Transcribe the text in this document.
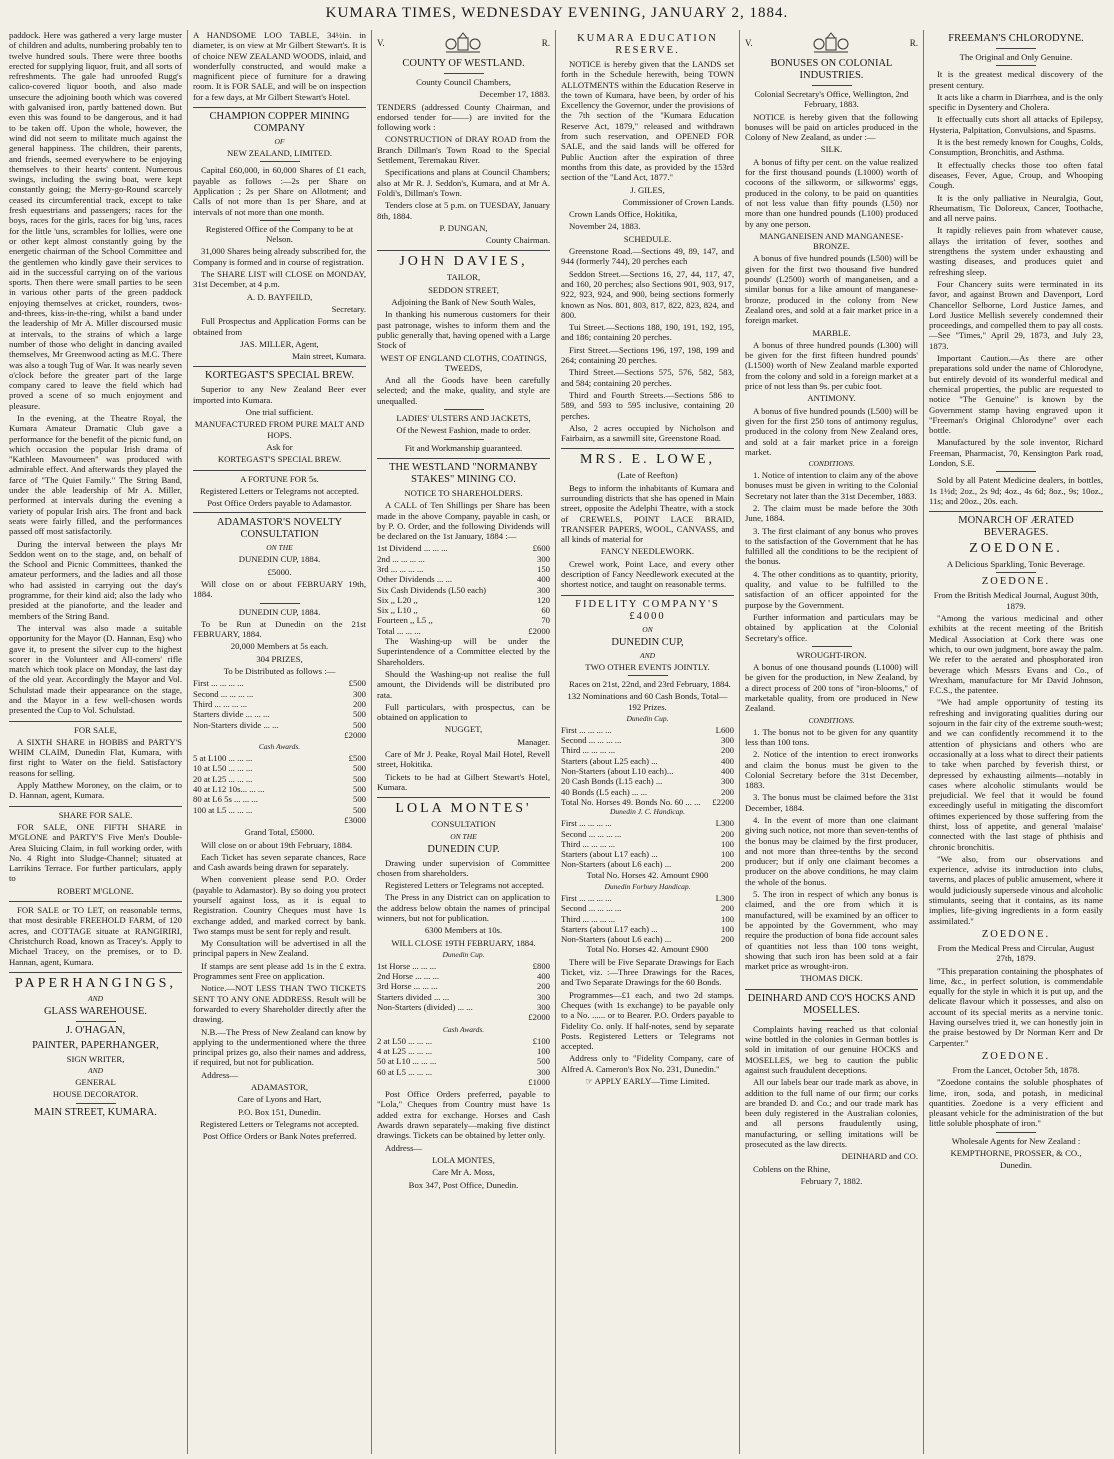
KUMARA TIMES, WEDNESDAY EVENING, JANUARY 2, 1884.

paddock. Here was gathered a very large muster of children and adults, numbering probably ten to twelve hundred souls. There were three booths erected for supplying liquor, fruit, and all sorts of refreshments. The gale had unroofed Rugg's calico-covered liquor booth, and also made unsecure the adjoining booth which was covered with galvanised iron, partly battened down. But even this was found to be dangerous, and it had to be taken off. Upon the whole, however, the wind did not seem to militate much against the general happiness. The children, their parents, and friends, seemed everywhere to be enjoying themselves to their hearts' content. Numerous swings, including the swing boat, were kept constantly going; the Merry-go-Round scarcely ceased its circumferential track, except to take fresh equestrians and passengers; races for the boys, races for the girls, races for big 'uns, races for the little 'uns, scrambles for lollies, were one or other kept almost constantly going by the energetic chairman of the School Committee and the gentlemen who kindly gave their services to aid in the successful carrying on of the various sports. Then there were small parties to be seen in various other parts of the green paddock enjoying themselves at cricket, rounders, twos-and-threes, kiss-in-the-ring, whilst a band under the leadership of Mr A. Miller discoursed music at intervals, to the strains of which a large number of those who delight in dancing availed themselves, Mr Greenwood acting as M.C. There was also a tough Tug of War. It was nearly seven o'clock before the greater part of the large company cared to leave the field which had proved a scene of so much enjoyment and pleasure.

In the evening, at the Theatre Royal, the Kumara Amateur Dramatic Club gave a performance for the benefit of the picnic fund, on which occasion the popular Irish drama of "Kathleen Mavourneen" was produced with admirable effect. And afterwards they played the farce of "The Quiet Family." The String Band, under the able leadership of Mr A. Miller, performed at intervals during the evening a variety of popular Irish airs. The front and back seats were fairly filled, and the performances passed off most satisfactorily.

During the interval between the plays Mr Seddon went on to the stage, and, on behalf of the School and Picnic Committees, thanked the amateur performers, and the ladies and all those who had assisted in carrying out the day's programme, for their kind aid; also the lady who presided at the pianoforte, and the leader and members of the String Band.

The interval was also made a suitable opportunity for the Mayor (D. Hannan, Esq) who gave it, to present the silver cup to the highest scorer in the Volunteer and All-comers' rifle match which took place on Monday, the last day of the old year. Accordingly the Mayor and Vol. Schulstad made their appearance on the stage, and the Mayor in a few well-chosen words presented the Cup to Vol. Schulstad.

FOR SALE,

A SIXTH SHARE in HOBBS and PARTY'S WHIM CLAIM, Dunedin Flat, Kumara, with first right to Water on the field. Satisfactory reasons for selling.

Apply Matthew Moroney, on the claim, or to D. Hannan, agent, Kumara.

SHARE FOR SALE.

FOR SALE, ONE FIFTH SHARE in M'GLONE and PARTY'S Five Men's Double-Area Sluicing Claim, in full working order, with No. 4 Right into Sludge-Channel; situated at Larrikins Terrace. For further particulars, apply to

ROBERT M'GLONE.

FOR SALE or TO LET, on reasonable terms, that most desirable FREEHOLD FARM, of 120 acres, and COTTAGE situate at RANGIRIRI, Christchurch Road, known as Tracey's. Apply to Michael Tracey, on the premises, or to D. Hannan, agent, Kumara.

PAPERHANGINGS,

AND

GLASS WAREHOUSE.

J. O'HAGAN,

PAINTER, PAPERHANGER,

SIGN WRITER,

AND

GENERAL

HOUSE DECORATOR.

MAIN STREET, KUMARA.

A HANDSOME LOO TABLE, 34½in. in diameter, is on view at Mr Gilbert Stewart's. It is of choice NEW ZEALAND WOODS, inlaid, and wonderfully constructed, and would make a magnificent piece of furniture for a drawing room. It is FOR SALE, and will be on inspection for a few days, at Mr Gilbert Stewart's Hotel.

CHAMPION COPPER MINING COMPANY

OF

NEW ZEALAND, LIMITED.

Capital £60,000, in 60,000 Shares of £1 each, payable as follows :—2s per Share on Application ; 2s per Share on Allotment; and Calls of not more than 1s per Share, and at intervals of not more than one month.

Registered Office of the Company to be at Nelson.

31,000 Shares being already subscribed for, the Company is formed and in course of registration.

The SHARE LIST will CLOSE on MONDAY, 31st December, at 4 p.m.

A. D. BAYFEILD,

Secretary.

Full Prospectus and Application Forms can be obtained from

JAS. MILLER, Agent,

Main street, Kumara.

KORTEGAST'S SPECIAL BREW.

Superior to any New Zealand Beer ever imported into Kumara.

One trial sufficient.

MANUFACTURED FROM PURE MALT AND HOPS.

Ask for

KORTEGAST'S SPECIAL BREW.

A FORTUNE FOR 5s.

Registered Letters or Telegrams not accepted.

Post Office Orders payable to Adamastor.

ADAMASTOR'S NOVELTY CONSULTATION

ON THE

DUNEDIN CUP, 1884.

£5000.

Will close on or about FEBRUARY 19th, 1884.

DUNEDIN CUP, 1884.

To be Run at Dunedin on the 21st FEBRUARY, 1884.

20,000 Members at 5s each.

304 PRIZES,

To be Distributed as follows :—

First ... ... ... ...	£500
Second ... ... ... ...	300
Third ... ... ... ...	200
Starters divide ... ... ...	500
Non-Starters divide ... ...	500

£2000

Cash Awards.

5 at L100 ... ... ...	£500
10 at L50 ... ... ...	500
20 at L25 ... ... ...	500
40 at L12 10s... ... ...	500
80 at L6 5s ... ... ...	500
100 at L5 ... ... ...	500

£3000

Grand Total, £5000.

Will close on or about 19th February, 1884.

Each Ticket has seven separate chances, Race and Cash awards being drawn for separately.

When convenient please send P.O. Order (payable to Adamastor). By so doing you protect yourself against loss, as it is equal to Registration. Country Cheques must have 1s exchange added, and marked correct by bank. Two stamps must be sent for reply and result.

My Consultation will be advertised in all the principal papers in New Zealand.

If stamps are sent please add 1s in the £ extra. Programmes sent Free on application.

Notice.—NOT LESS THAN TWO TICKETS SENT TO ANY ONE ADDRESS. Result will be forwarded to every Shareholder directly after the drawing.

N.B.—The Press of New Zealand can know by applying to the undermentioned where the three principal prizes go, also their names and address, if required, but not for publication.

Address—

ADAMASTOR,

Care of Lyons and Hart,

P.O. Box 151, Dunedin.

Registered Letters or Telegrams not accepted.

Post Office Orders or Bank Notes preferred.

V.	R.

COUNTY OF WESTLAND.

County Council Chambers,

December 17, 1883.

TENDERS (addressed County Chairman, and endorsed tender for——) are invited for the following work :

CONSTRUCTION of DRAY ROAD from the Branch Dillman's Town Road to the Special Settlement, Teremakau River.

Specifications and plans at Council Chambers; also at Mr R. J. Seddon's, Kumara, and at Mr A. Foldi's, Dillman's Town.

Tenders close at 5 p.m. on TUESDAY, January 8th, 1884.

P. DUNGAN,

County Chairman.

JOHN DAVIES,

TAILOR,

SEDDON STREET,

Adjoining the Bank of New South Wales,

In thanking his numerous customers for their past patronage, wishes to inform them and the public generally that, having opened with a Large Stock of

WEST OF ENGLAND CLOTHS, COATINGS, TWEEDS,

And all the Goods have been carefully selected; and the make, quality, and style are unequalled.

LADIES' ULSTERS AND JACKETS,

Of the Newest Fashion, made to order.

Fit and Workmanship guaranteed.

THE WESTLAND "NORMANBY STAKES" MINING CO.

NOTICE TO SHAREHOLDERS.

A CALL of Ten Shillings per Share has been made in the above Company, payable in cash, or by P. O. Order, and the following Dividends will be declared on the 1st January, 1884 :—

1st Dividend ... ... ...	£600
2nd ... ... ... ...	300
3rd ... ... ... ...	150
Other Dividends ... ...	400
Six Cash Dividends (L50 each)	300
Six ,, L20 ,,	120
Six ,, L10 ,,	60
Fourteen ,, L5 ,,	70
Total ... ... ...	£2000

The Washing-up will be under the Superintendence of a Committee elected by the Shareholders.

Should the Washing-up not realise the full amount, the Dividends will be distributed pro rata.

Full particulars, with prospectus, can be obtained on application to

NUGGET,

Manager.

Care of Mr J. Peake, Royal Mail Hotel, Revell street, Hokitika.

Tickets to be had at Gilbert Stewart's Hotel, Kumara.

LOLA MONTES'

CONSULTATION

ON THE

DUNEDIN CUP.

Drawing under supervision of Committee chosen from shareholders.

Registered Letters or Telegrams not accepted.

The Press in any District can on application to the address below obtain the names of principal winners, but not for publication.

6300 Members at 10s.

WILL CLOSE 19TH FEBRUARY, 1884.

Dunedin Cup.

1st Horse ... ... ...	£800
2nd Horse ... ... ...	400
3rd Horse ... ... ...	200
Starters divided ... ...	300
Non-Starters (divided) ... ...	300

£2000

Cash Awards.

2 at L50 ... ... ...	£100
4 at L25 ... ... ...	100
50 at L10 ... ... ...	500
60 at L5 ... ... ...	300

£1000

Post Office Orders preferred, payable to "Lola," Cheques from Country must have 1s added extra for exchange. Horses and Cash Awards drawn separately—making five distinct drawings. Tickets can be obtained by letter only.

Address—

LOLA MONTES,

Care Mr A. Moss,

Box 347, Post Office, Dunedin.

KUMARA EDUCATION RESERVE.

NOTICE is hereby given that the LANDS set forth in the Schedule herewith, being TOWN ALLOTMENTS within the Education Reserve in the town of Kumara, have been, by order of his Excellency the Governor, under the provisions of the 7th section of the "Kumara Education Reserve Act, 1879," released and withdrawn from such reservation, and OPENED FOR SALE, and the said lands will be offered for Public Auction after the expiration of three months from this date, as provided by the 153rd section of the "Land Act, 1877."

J. GILES,

Commissioner of Crown Lands.

Crown Lands Office, Hokitika,

November 24, 1883.

SCHEDULE.

Greenstone Road.—Sections 49, 89, 147, and 944 (formerly 744), 20 perches each

Seddon Street.—Sections 16, 27, 44, 117, 47, and 160, 20 perches; also Sections 901, 903, 917, 922, 923, 924, and 900, being sections formerly known as Nos. 801, 803, 817, 822, 823, 824, and 800.

Tui Street.—Sections 188, 190, 191, 192, 195, and 186; containing 20 perches.

First Street.—Sections 196, 197, 198, 199 and 264; containing 20 perches.

Third Street.—Sections 575, 576, 582, 583, and 584; containing 20 perches.

Third and Fourth Streets.—Sections 586 to 589, and 593 to 595 inclusive, containing 20 perches.

Also, 2 acres occupied by Nicholson and Fairbairn, as a sawmill site, Greenstone Road.

MRS. E. LOWE,

(Late of Reefton)

Begs to inform the inhabitants of Kumara and surrounding districts that she has opened in Main street, opposite the Adelphi Theatre, with a stock of CREWELS, POINT LACE BRAID, TRANSFER PAPERS, WOOL, CANVASS, and all kinds of material for

FANCY NEEDLEWORK.

Crewel work, Point Lace, and every other description of Fancy Needlework executed at the shortest notice, and taught on reasonable terms.

FIDELITY COMPANY'S £4000

ON

DUNEDIN CUP,

AND

TWO OTHER EVENTS JOINTLY.

Races on 21st, 22nd, and 23rd February, 1884.

132 Nominations and 60 Cash Bonds, Total—192 Prizes.

Dunedin Cup.

First ... ... ... ...	L600
Second ... ... ... ...	300
Third ... ... ... ...	200
Starters (about L25 each) ...	400
Non-Starters (about L10 each)...	400
20 Cash Bonds (L15 each) ...	300
40 Bonds (L5 each) ... ...	200
Total No. Horses 49. Bonds No. 60 ... ... £2200

Dunedin J. C. Handicap.

First ... ... ... ...	L300
Second ... ... ... ...	200
Third ... ... ... ...	100
Starters (about L17 each) ...	100
Non-Starters (about L6 each) ...	200

Total No. Horses 42. Amount £900

Dunedin Forbury Handicap.

First ... ... ... ...	L300
Second ... ... ... ...	200
Third ... ... ... ...	100
Starters (about L17 each) ...	100
Non-Starters (about L6 each) ...	200

Total No. Horses 42. Amount £900

There will be Five Separate Drawings for Each Ticket, viz. :—Three Drawings for the Races, and Two Separate Drawings for the 60 Bonds.

Programmes—£1 each, and two 2d stamps. Cheques (with 1s exchange) to be payable only to a No. ...... or to Bearer. P.O. Orders payable to Fidelity Co. only. If half-notes, send by separate Posts. Registered Letters or Telegrams not accepted.

Address only to "Fidelity Company, care of Alfred A. Cameron's Box No. 231, Dunedin."

☞ APPLY EARLY—Time Limited.

V.	R.

BONUSES ON COLONIAL INDUSTRIES.

Colonial Secretary's Office, Wellington, 2nd February, 1883.

NOTICE is hereby given that the following bonuses will be paid on articles produced in the Colony of New Zealand, as under :—

SILK.

A bonus of fifty per cent. on the value realized for the first thousand pounds (L1000) worth of cocoons of the silkworm, or silkworms' eggs, produced in the colony, to be paid on quantities of not less value than fifty pounds (L50) nor more than one hundred pounds (L100) produced by any one person.

MANGANEISEN AND MANGANESE-BRONZE.

A bonus of five hundred pounds (L500) will be given for the first two thousand five hundred pounds' (L2500) worth of manganeisen, and a similar bonus for a like amount of manganese-bronze, produced in the colony from New Zealand ores, and sold at a fair market price in a foreign market.

MARBLE.

A bonus of three hundred pounds (L300) will be given for the first fifteen hundred pounds' (L1500) worth of New Zealand marble exported from the colony and sold in a foreign market at a price of not less than 9s. per cubic foot.

ANTIMONY.

A bonus of five hundred pounds (L500) will be given for the first 250 tons of antimony regulus, produced in the colony from New Zealand ores, and sold at a fair market price in a foreign market.

CONDITIONS.

1. Notice of intention to claim any of the above bonuses must be given in writing to the Colonial Secretary not later than the 31st December, 1883.

2. The claim must be made before the 30th June, 1884.

3. The first claimant of any bonus who proves to the satisfaction of the Government that he has fulfilled all the conditions to be the recipient of the bonus.

4. The other conditions as to quantity, priority, quality, and value to be fulfilled to the satisfaction of an officer appointed for the purpose by the Government.

Further information and particulars may be obtained by application at the Colonial Secretary's office.

WROUGHT-IRON.

A bonus of one thousand pounds (L1000) will be given for the production, in New Zealand, by a direct process of 200 tons of "iron-blooms," of marketable quality, from ore produced in New Zealand.

CONDITIONS.

1. The bonus not to be given for any quantity less than 100 tons.

2. Notice of the intention to erect ironworks and claim the bonus must be given to the Colonial Secretary before the 31st December, 1883.

3. The bonus must be claimed before the 31st December, 1884.

4. In the event of more than one claimant giving such notice, not more than seven-tenths of the bonus may be claimed by the first producer, and not more than three-tenths by the second producer; but if only one claimant becomes a producer on the above conditions, he may claim the whole of the bonus.

5. The iron in respect of which any bonus is claimed, and the ore from which it is manufactured, will be examined by an officer to be appointed by the Government, who may require the production of bona fide account sales of quantities not less than 100 tons weight, showing that such iron has been sold at a fair market price as wrought-iron.

THOMAS DICK.

DEINHARD AND CO'S HOCKS AND MOSELLES.

Complaints having reached us that colonial wine bottled in the colonies in German bottles is sold in imitation of our genuine HOCKS and MOSELLES, we beg to caution the public against such fraudulent deceptions.

All our labels bear our trade mark as above, in addition to the full name of our firm; our corks are branded D. and Co.; and our trade mark has been duly registered in the Australian colonies, and all persons fraudulently using, manufacturing, or selling imitations will be prosecuted as the law directs.

DEINHARD and CO.

Coblens on the Rhine,

February 7, 1882.

FREEMAN'S CHLORODYNE.

The Original and Only Genuine.

It is the greatest medical discovery of the present century.

It acts like a charm in Diarrhœa, and is the only specific in Dysentery and Cholera.

It effectually cuts short all attacks of Epilepsy, Hysteria, Palpitation, Convulsions, and Spasms.

It is the best remedy known for Coughs, Colds, Consumption, Bronchitis, and Asthma.

It effectually checks those too often fatal diseases, Fever, Ague, Croup, and Whooping Cough.

It is the only palliative in Neuralgia, Gout, Rheumatism, Tic Doloreux, Cancer, Toothache, and all nerve pains.

It rapidly relieves pain from whatever cause, allays the irritation of fever, soothes and strengthens the system under exhausting and wasting diseases, and produces quiet and refreshing sleep.

Four Chancery suits were terminated in its favor, and against Brown and Davenport, Lord Chancellor Selborne, Lord Justice James, and Lord Justice Mellish severely condemned their proceedings, and compelled them to pay all costs.—See "Times," April 29, 1873, and July 23, 1873.

Important Caution.—As there are other preparations sold under the name of Chlorodyne, but entirely devoid of its wonderful medical and chemical properties, the public are requested to notice "The Genuine" is known by the Government stamp having engraved upon it "Freeman's Original Chlorodyne" over each bottle.

Manufactured by the sole inventor, Richard Freeman, Pharmacist, 70, Kensington Park road, London, S.E.

Sold by all Patent Medicine dealers, in bottles, 1s 1½d; 2oz., 2s 9d; 4oz., 4s 6d; 8oz., 9s; 10oz., 11s; and 20oz., 20s. each.

MONARCH OF ÆRATED BEVERAGES.

ZOEDONE.

A Delicious Sparkling, Tonic Beverage.

ZOEDONE.

From the British Medical Journal, August 30th, 1879.

"Among the various medicinal and other exhibits at the recent meeting of the British Medical Association at Cork there was one which, to our own judgment, bore away the palm. We refer to the aerated and phosphorated iron beverage which Messrs Evans and Co., of Wrexham, manufacture for Mr David Johnson, F.C.S., the patentee.

"We had ample opportunity of testing its refreshing and invigorating qualities during our sojourn in the fair city of the extreme south-west; and we can confidently recommend it to the attention of physicians and others who are occasionally at a loss what to direct their patients to take when parched by feverish thirst, or depressed by exhausting ailments—notably in cases where alcoholic stimulants would be prejudicial. We feel that it would be found exceedingly useful in mitigating the discomfort oftimes experienced by those suffering from the thirst, loss of appetite, and general 'malaise' connected with the last stage of phthisis and chronic bronchitis.

"We also, from our observations and experience, advise its introduction into clubs, taverns, and places of public amusement, where it would judiciously supersede vinous and alcoholic stimulants, seeing that it contains, as its name implies, life-giving ingredients in a form easily assimilated."

ZOEDONE.

From the Medical Press and Circular, August 27th, 1879.

"This preparation containing the phosphates of lime, &c., in perfect solution, is commendable equally for the style in which it is put up, and the delicate flavour which it possesses, and also on account of its special merits as a nervine tonic. Having ourselves tried it, we can honestly join in the praise bestowed by Dr Norman Kerr and Dr Carpenter."

ZOEDONE.

From the Lancet, October 5th, 1878.

"Zoedone contains the soluble phosphates of lime, iron, soda, and potash, in medicinal quantities. Zoedone is a very efficient and pleasant vehicle for the administration of the but little soluble phosphate of iron."

Wholesale Agents for New Zealand :

KEMPTHORNE, PROSSER, & CO.,

Dunedin.
